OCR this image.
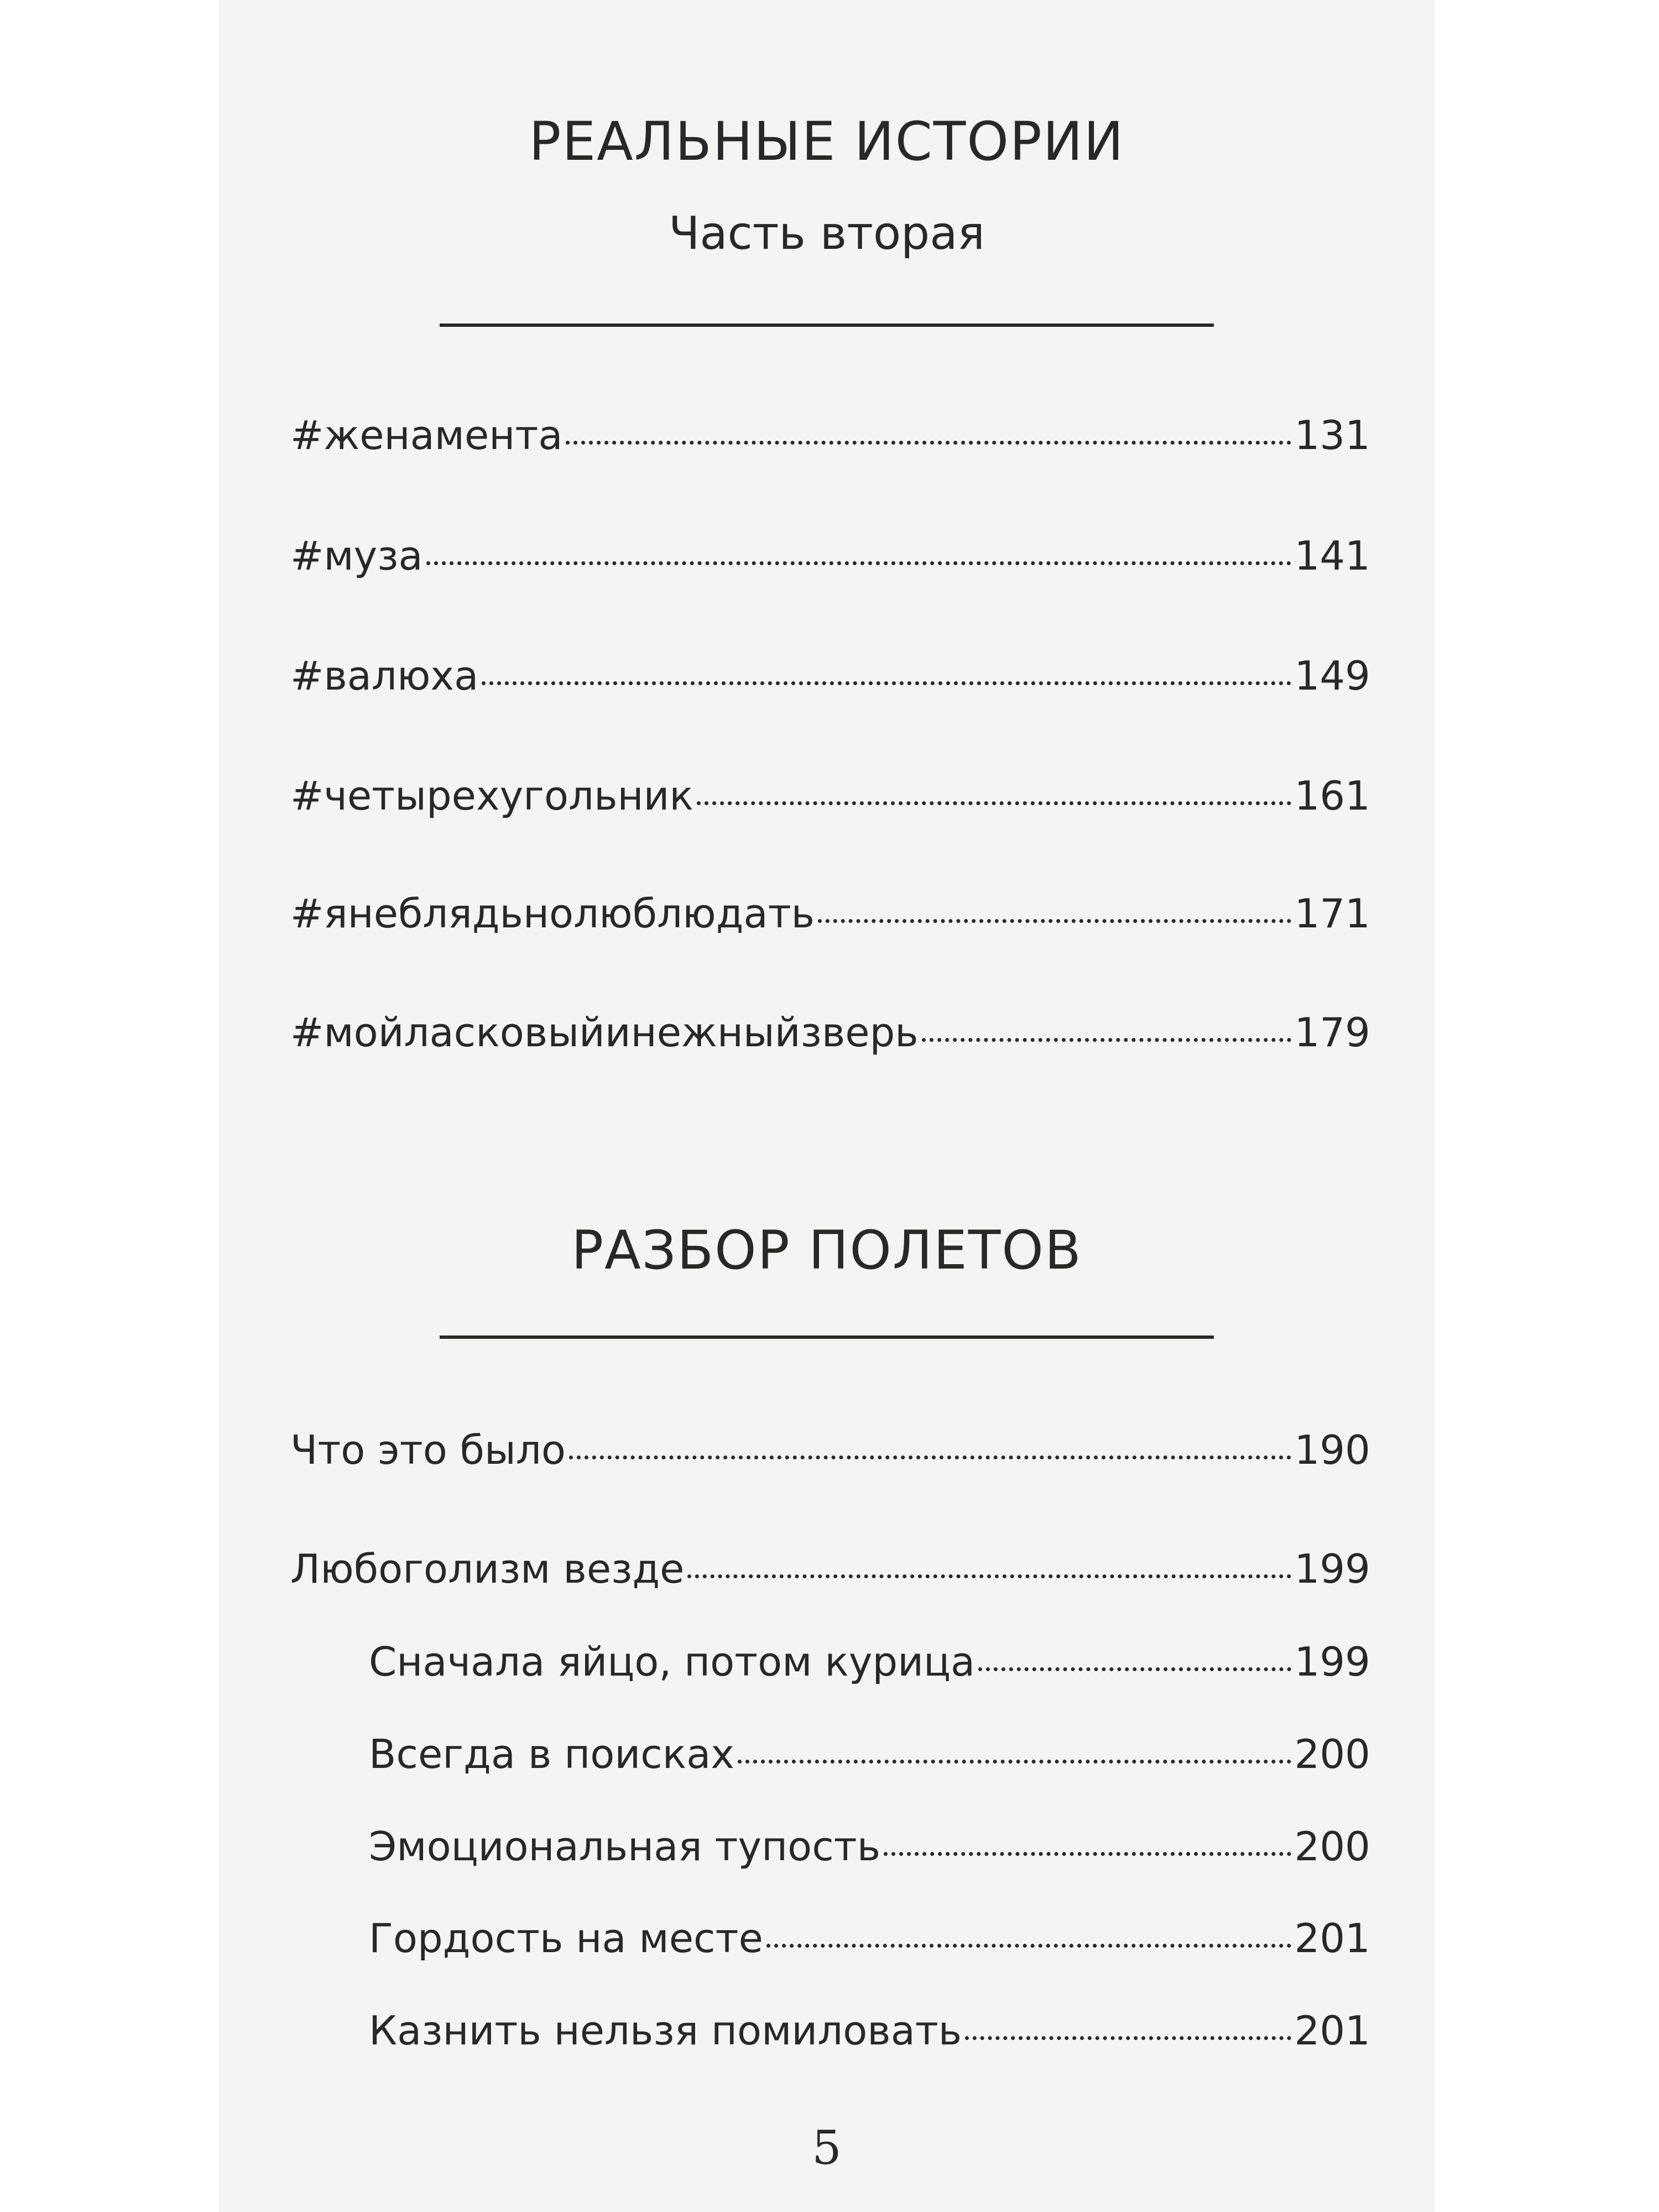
РЕАЛЬНЫЕ ИСТОРИИ
Часть вторая
#женамента	131
#муза	141
#валюха	149
#четырехугольник	161
#янеблядьнолюблюдать	171
#мойласковыйинежныйзверь	179
РАЗБОР ПОЛЕТОВ
Что это было	190
Любоголизм везде	199
Сначала яйцо, потом курица	199
Всегда в поисках	200
Эмоциональная тупость	200
Гордость на месте	201
Казнить нельзя помиловать	201
5
